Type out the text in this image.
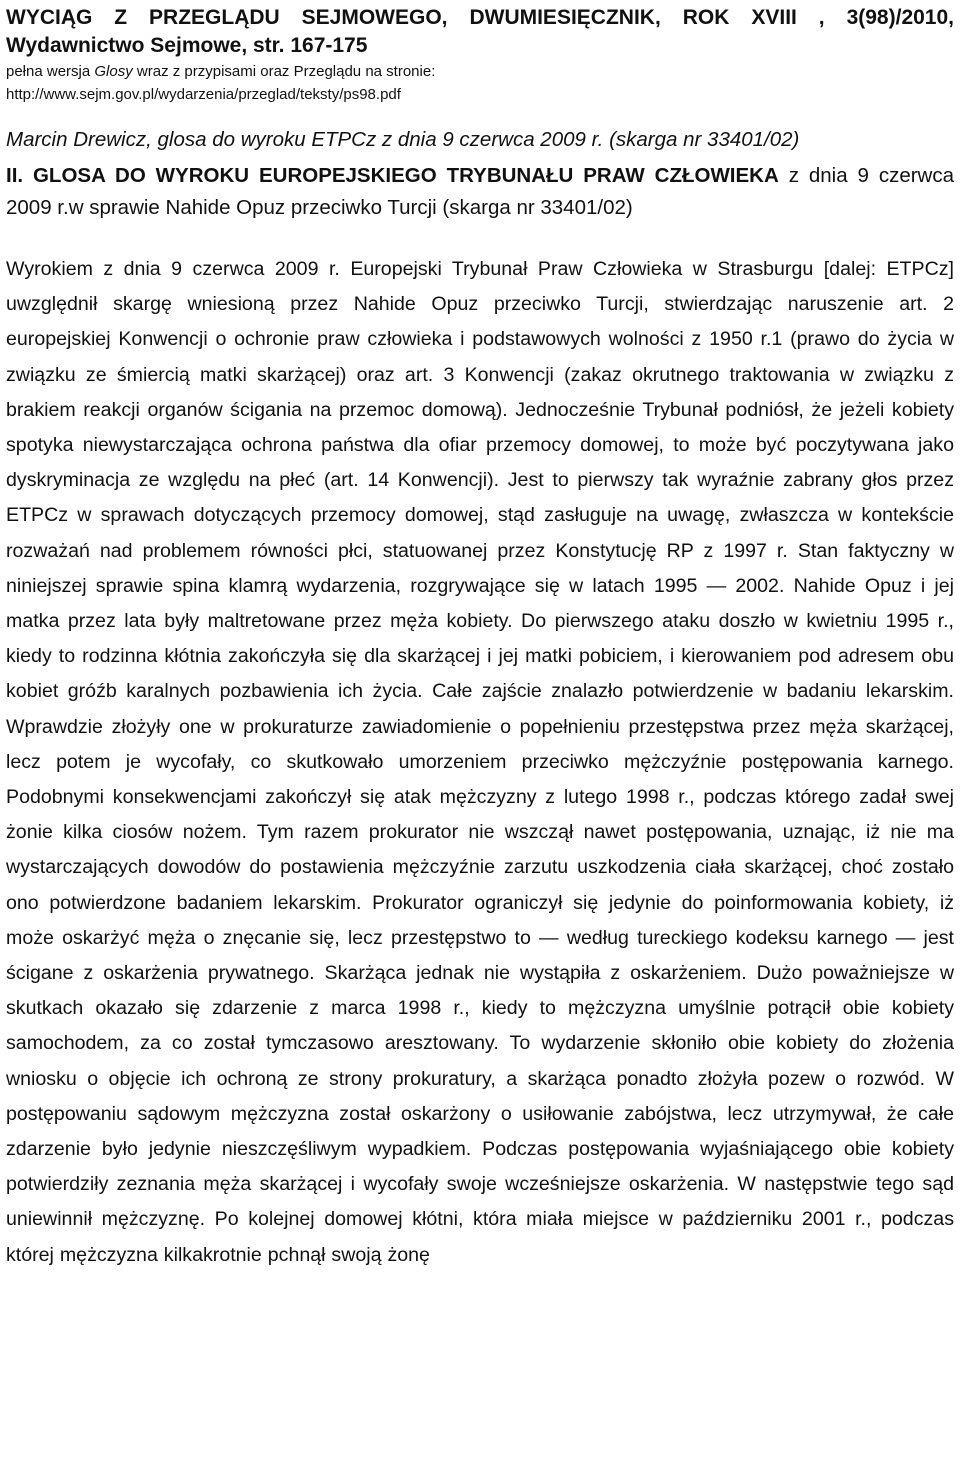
WYCIĄG Z PRZEGLĄDU SEJMOWEGO, DWUMIESIĘCZNIK, ROK XVIII , 3(98)/2010,
Wydawnictwo Sejmowe, str. 167-175
pełna wersja Glosy wraz z przypisami oraz Przeglądu na stronie:
http://www.sejm.gov.pl/wydarzenia/przeglad/teksty/ps98.pdf
Marcin Drewicz, glosa do wyroku ETPCz z dnia 9 czerwca 2009 r. (skarga nr 33401/02)
II. GLOSA DO WYROKU EUROPEJSKIEGO TRYBUNAŁU PRAW CZŁOWIEKA z dnia 9 czerwca 2009 r.w sprawie Nahide Opuz przeciwko Turcji (skarga nr 33401/02)

Wyrokiem z dnia 9 czerwca 2009 r. Europejski Trybunał Praw Człowieka w Strasburgu [dalej: ETPCz] uwzględnił skargę wniesioną przez Nahide Opuz przeciwko Turcji, stwierdzając naruszenie art. 2 europejskiej Konwencji o ochronie praw człowieka i podstawowych wolności z 1950 r.1 (prawo do życia w związku ze śmiercią matki skarżącej) oraz art. 3 Konwencji (zakaz okrutnego traktowania w związku z brakiem reakcji organów ścigania na przemoc domową). Jednocześnie Trybunał podniósł, że jeżeli kobiety spotyka niewystarczająca ochrona państwa dla ofiar przemocy domowej, to może być poczytywana jako dyskryminacja ze względu na płeć (art. 14 Konwencji). Jest to pierwszy tak wyraźnie zabrany głos przez ETPCz w sprawach dotyczących przemocy domowej, stąd zasługuje na uwagę, zwłaszcza w kontekście rozważań nad problemem równości płci, statuowanej przez Konstytucję RP z 1997 r. Stan faktyczny w niniejszej sprawie spina klamrą wydarzenia, rozgrywające się w latach 1995 — 2002. Nahide Opuz i jej matka przez lata były maltretowane przez męża kobiety. Do pierwszego ataku doszło w kwietniu 1995 r., kiedy to rodzinna kłótnia zakończyła się dla skarżącej i jej matki pobiciem, i kierowaniem pod adresem obu kobiet gróźb karalnych pozbawienia ich życia. Całe zajście znalazło potwierdzenie w badaniu lekarskim. Wprawdzie złożyły one w prokuraturze zawiadomienie o popełnieniu przestępstwa przez męża skarżącej, lecz potem je wycofały, co skutkowało umorzeniem przeciwko mężczyźnie postępowania karnego. Podobnymi konsekwencjami zakończył się atak mężczyzny z lutego 1998 r., podczas którego zadał swej żonie kilka ciosów nożem. Tym razem prokurator nie wszczął nawet postępowania, uznając, iż nie ma wystarczających dowodów do postawienia mężczyźnie zarzutu uszkodzenia ciała skarżącej, choć zostało ono potwierdzone badaniem lekarskim. Prokurator ograniczył się jedynie do poinformowania kobiety, iż może oskarżyć męża o znęcanie się, lecz przestępstwo to — według tureckiego kodeksu karnego — jest ścigane z oskarżenia prywatnego. Skarżąca jednak nie wystąpiła z oskarżeniem. Dużo poważniejsze w skutkach okazało się zdarzenie z marca 1998 r., kiedy to mężczyzna umyślnie potrącił obie kobiety samochodem, za co został tymczasowo aresztowany. To wydarzenie skłoniło obie kobiety do złożenia wniosku o objęcie ich ochroną ze strony prokuratury, a skarżąca ponadto złożyła pozew o rozwód. W postępowaniu sądowym mężczyzna został oskarżony o usiłowanie zabójstwa, lecz utrzymywał, że całe zdarzenie było jedynie nieszczęśliwym wypadkiem. Podczas postępowania wyjaśniającego obie kobiety potwierdziły zeznania męża skarżącej i wycofały swoje wcześniejsze oskarżenia. W następstwie tego sąd uniewinnił mężczyznę. Po kolejnej domowej kłótni, która miała miejsce w październiku 2001 r., podczas której mężczyzna kilkakrotnie pchnął swoją żonę
